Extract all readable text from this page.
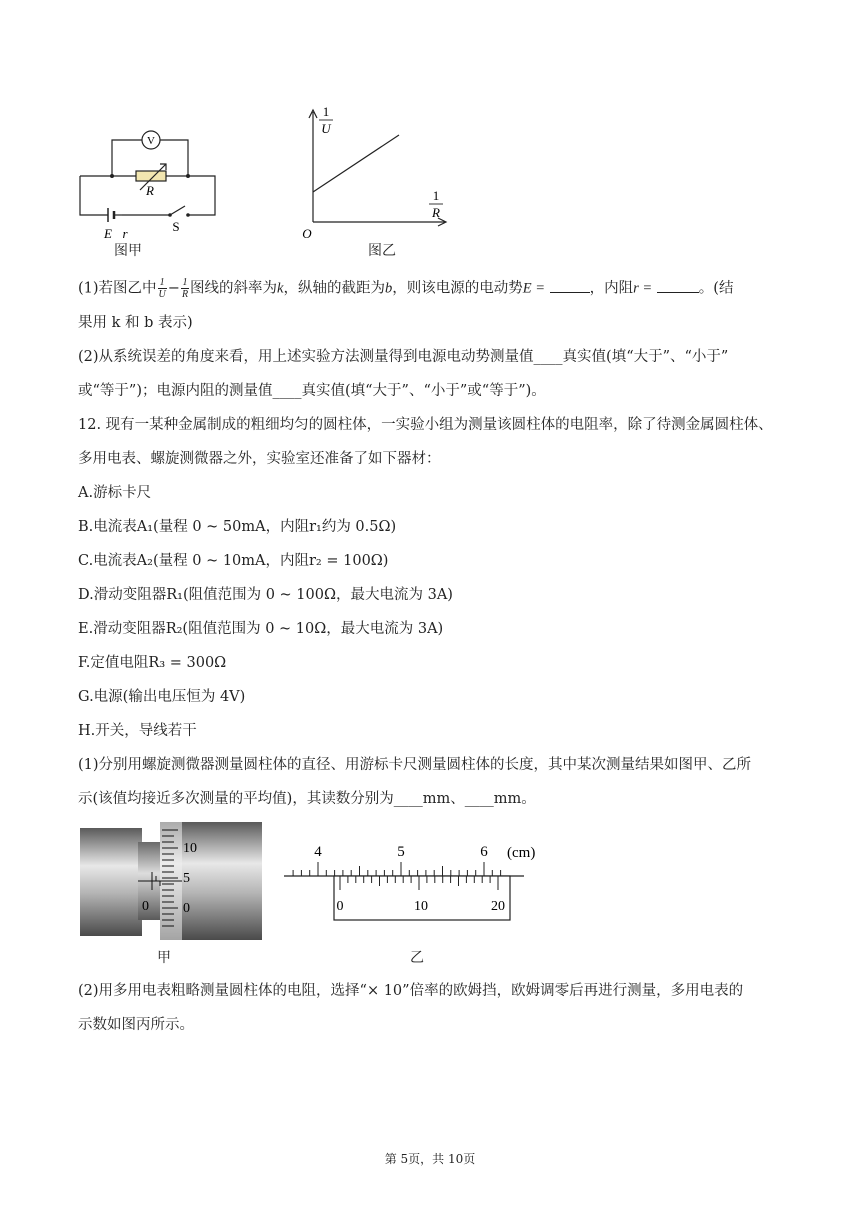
V
R
E r	S
图甲
1
U
1
R
O
图乙
(1)若图乙中 $\frac{1}{U} - \frac{1}{R}$ 图线的斜率为k，纵轴的截距为b，则该电源的电动势E =	，内阻r =	。(结
果用 k 和 b 表示)
(2)从系统误差的角度来看，用上述实验方法测量得到电源电动势测量值____真实值(填“大于”、“小于”
或“等于”)；电源内阻的测量值____真实值(填“大于”、“小于”或“等于”)。
12. 现有一某种金属制成的粗细均匀的圆柱体，一实验小组为测量该圆柱体的电阻率，除了待测金属圆柱体、
多用电表、螺旋测微器之外，实验室还准备了如下器材：
A.游标卡尺
B.电流表A₁(量程 0 ~ 50mA，内阻r₁约为 0.5Ω)
C.电流表A₂(量程 0 ~ 10mA，内阻r₂ = 100Ω)
D.滑动变阻器R₁(阻值范围为 0 ~ 100Ω，最大电流为 3A)
E.滑动变阻器R₂(阻值范围为 0 ~ 10Ω，最大电流为 3A)
F.定值电阻R₃ = 300Ω
G.电源(输出电压恒为 4V)
H.开关，导线若干
(1)分别用螺旋测微器测量圆柱体的直径、用游标卡尺测量圆柱体的长度，其中某次测量结果如图甲、乙所
示(该值均接近多次测量的平均值)，其读数分别为____mm、____mm。
10
5
0
0
甲
4	5	6 (cm)
0	10	20
乙
(2)用多用电表粗略测量圆柱体的电阻，选择“× 10”倍率的欧姆挡，欧姆调零后再进行测量，多用电表的
示数如图丙所示。
第 5页，共 10页
